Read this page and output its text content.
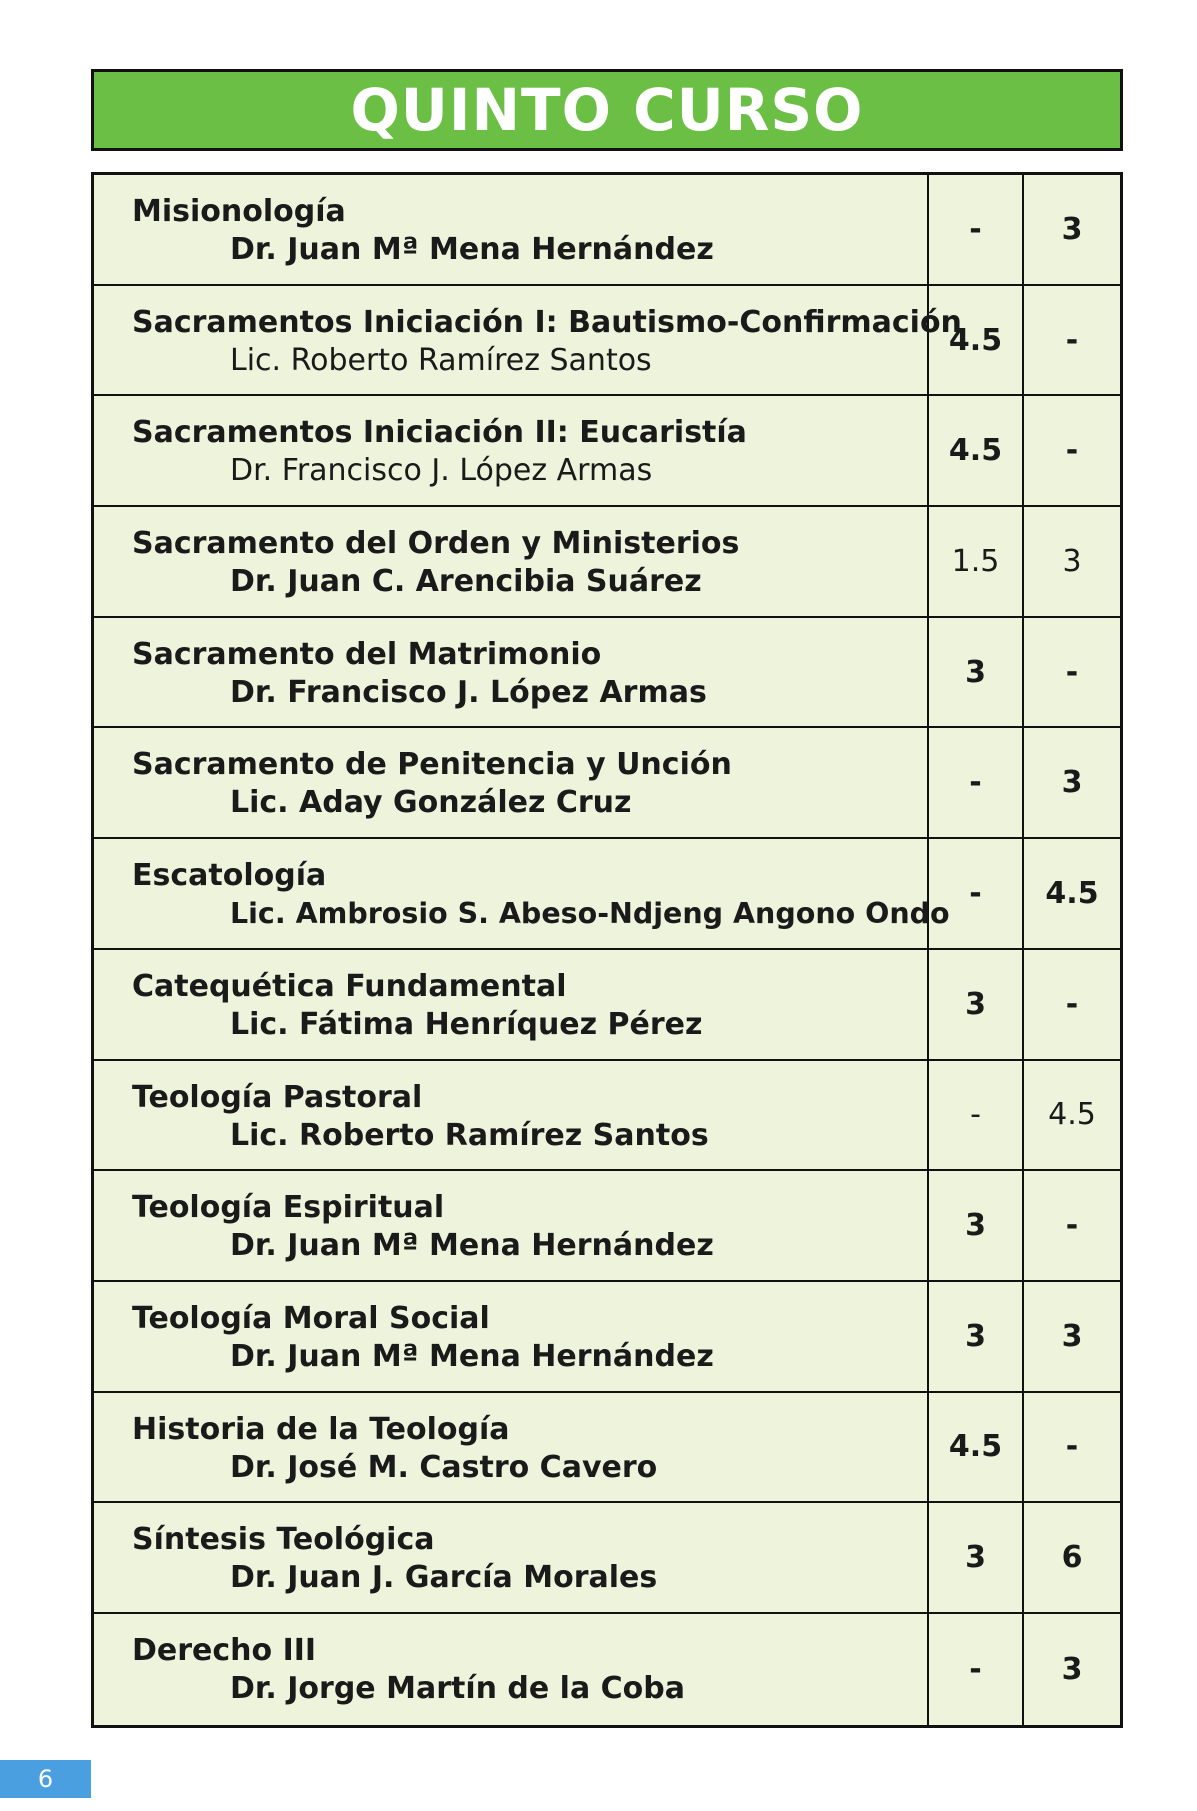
QUINTO CURSO
Misionología
Dr. Juan Mª Mena Hernández
-	3
Sacramentos Iniciación I: Bautismo-Confirmación
Lic. Roberto Ramírez Santos
4.5	-
Sacramentos Iniciación II: Eucaristía
Dr. Francisco J. López Armas
4.5	-
Sacramento del Orden y Ministerios
Dr. Juan C. Arencibia Suárez
1.5	3
Sacramento del Matrimonio
Dr. Francisco J. López Armas
3	-
Sacramento de Penitencia y Unción
Lic. Aday González Cruz
-	3
Escatología
Lic. Ambrosio S. Abeso-Ndjeng Angono Ondo
-	4.5
Catequética Fundamental
Lic. Fátima Henríquez Pérez
3	-
Teología Pastoral
Lic. Roberto Ramírez Santos
-	4.5
Teología Espiritual
Dr. Juan Mª Mena Hernández
3	-
Teología Moral Social
Dr. Juan Mª Mena Hernández
3	3
Historia de la Teología
Dr. José M. Castro Cavero
4.5	-
Síntesis Teológica
Dr. Juan J. García Morales
3	6
Derecho III
Dr. Jorge Martín de la Coba
-	3
6
